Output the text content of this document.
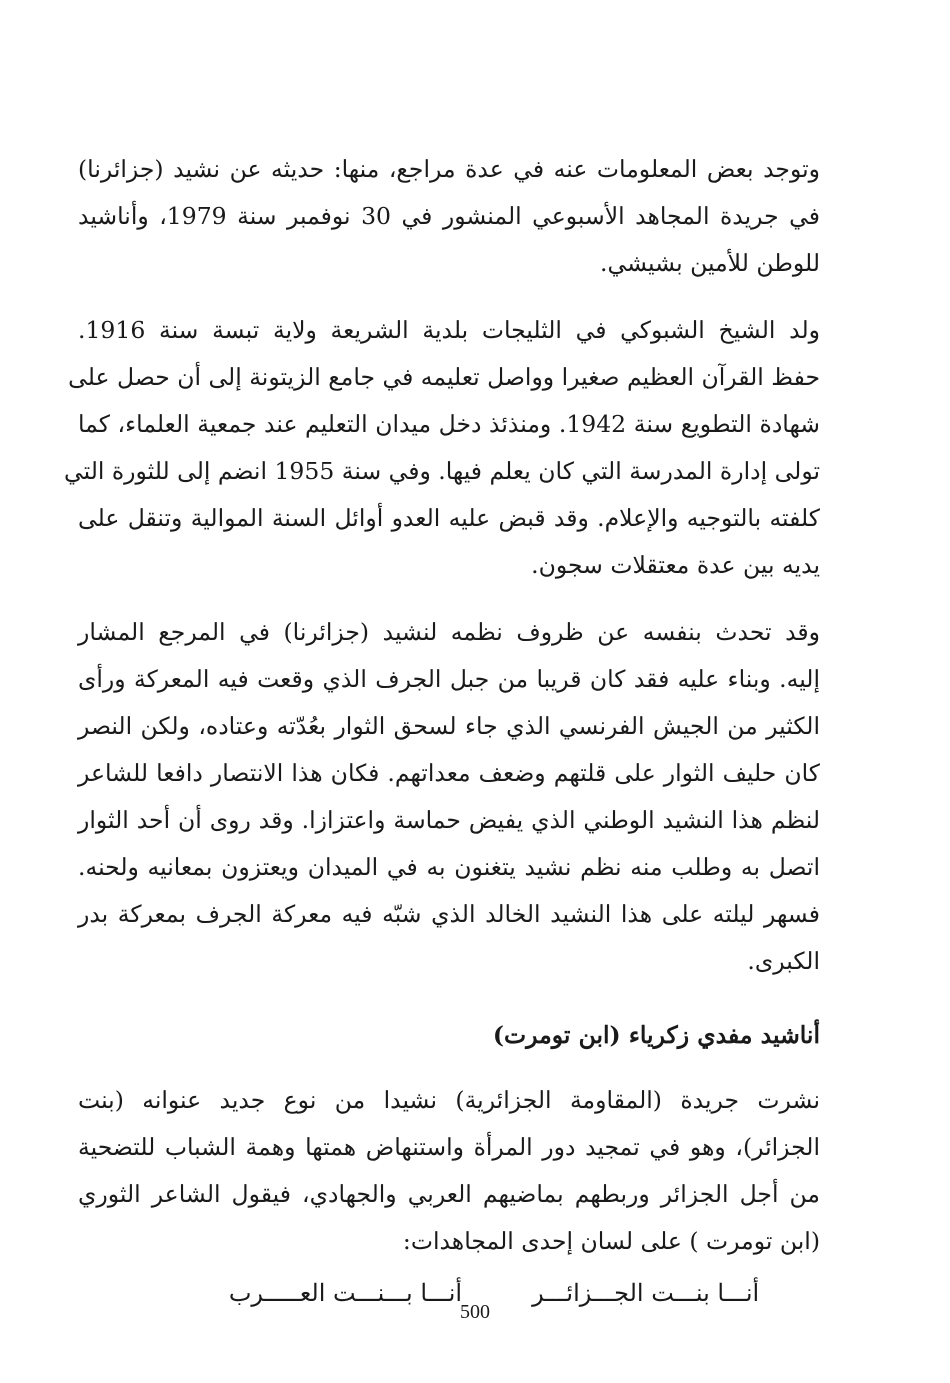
وتوجد بعض المعلومات عنه في عدة مراجع، منها: حديثه عن نشيد (جزائرنا)
في جريدة المجاهد الأسبوعي المنشور في 30 نوفمبر سنة 1979، وأناشيد
للوطن للأمين بشيشي.

ولد الشيخ الشبوكي في الثليجات بلدية الشريعة ولاية تبسة سنة 1916.
حفظ القرآن العظيم صغيرا وواصل تعليمه في جامع الزيتونة إلى أن حصل على
شهادة التطويع سنة 1942. ومنذئذ دخل ميدان التعليم عند جمعية العلماء، كما
تولى إدارة المدرسة التي كان يعلم فيها. وفي سنة 1955 انضم إلى للثورة التي
كلفته بالتوجيه والإعلام. وقد قبض عليه العدو أوائل السنة الموالية وتنقل على
يديه بين عدة معتقلات سجون.

وقد تحدث بنفسه عن ظروف نظمه لنشيد (جزائرنا) في المرجع المشار
إليه. وبناء عليه فقد كان قريبا من جبل الجرف الذي وقعت فيه المعركة ورأى
الكثير من الجيش الفرنسي الذي جاء لسحق الثوار بعُدّته وعتاده، ولكن النصر
كان حليف الثوار على قلتهم وضعف معداتهم. فكان هذا الانتصار دافعا للشاعر
لنظم هذا النشيد الوطني الذي يفيض حماسة واعتزازا. وقد روى أن أحد الثوار
اتصل به وطلب منه نظم نشيد يتغنون به في الميدان ويعتزون بمعانيه ولحنه.
فسهر ليلته على هذا النشيد الخالد الذي شبّه فيه معركة الجرف بمعركة بدر
الكبرى.

أناشيد مفدي زكرياء (ابن تومرت)

نشرت جريدة (المقاومة الجزائرية) نشيدا من نوع جديد عنوانه (بنت
الجزائر)، وهو في تمجيد دور المرأة واستنهاض همتها وهمة الشباب للتضحية
من أجل الجزائر وربطهم بماضيهم العربي والجهادي، فيقول الشاعر الثوري
(ابن تومرت ) على لسان إحدى المجاهدات:

أنـــا بنـــت الجـــزائـــر
أنـــا بـــنـــت العـــــرب
500
